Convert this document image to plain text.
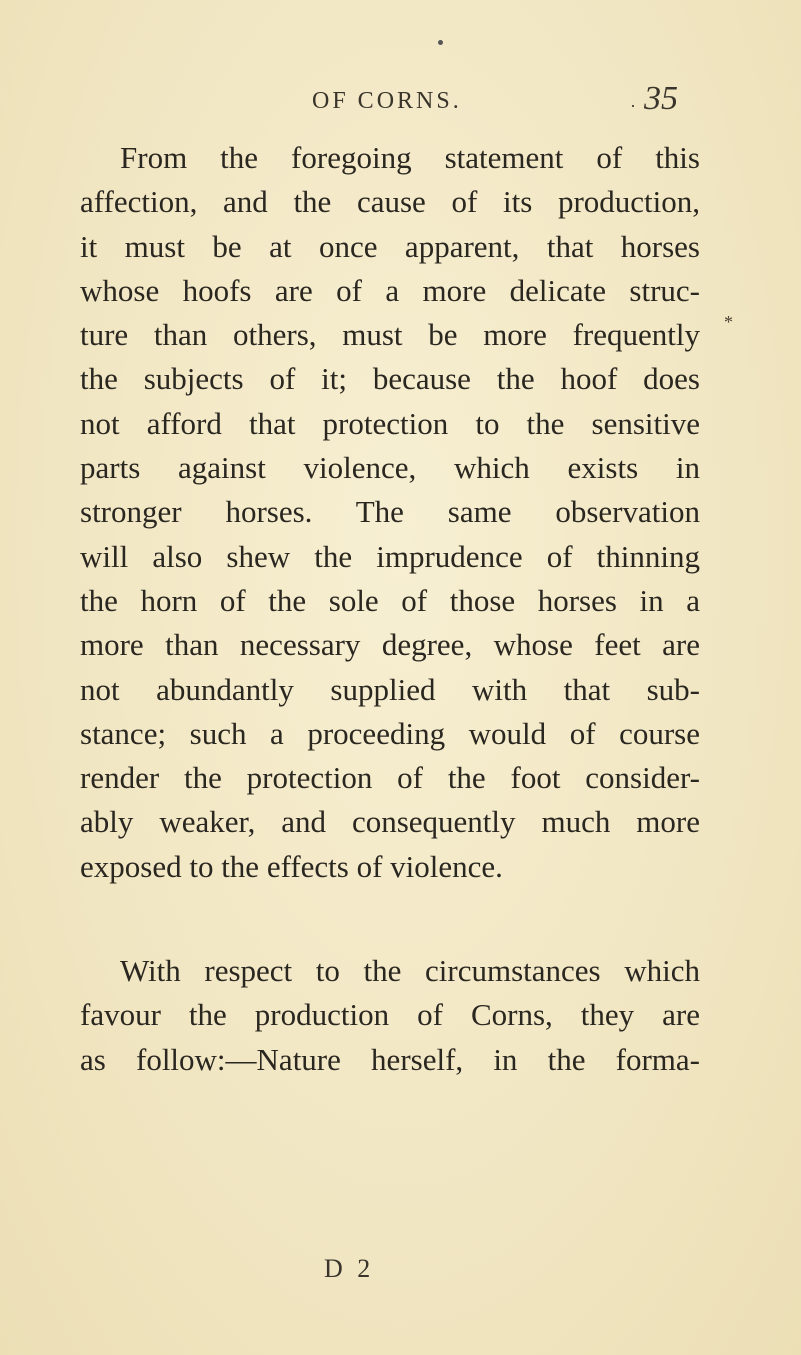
OF CORNS.	· 35
*
From the foregoing statement of this
affection, and the cause of its production,
it must be at once apparent, that horses
whose hoofs are of a more delicate struc-
ture than others, must be more frequently
the subjects of it; because the hoof does
not afford that protection to the sensitive
parts against violence, which exists in
stronger horses. The same observation
will also shew the imprudence of thinning
the horn of the sole of those horses in a
more than necessary degree, whose feet are
not abundantly supplied with that sub-
stance; such a proceeding would of course
render the protection of the foot consider-
ably weaker, and consequently much more
exposed to the effects of violence.
With respect to the circumstances which
favour the production of Corns, they are
as follow:—Nature herself, in the forma-
D 2
